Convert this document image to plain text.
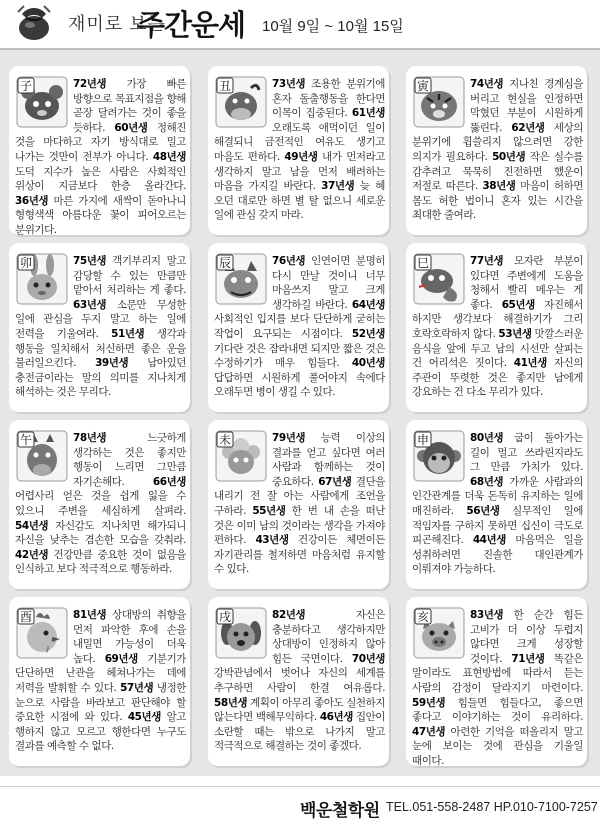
재미로 보는
주간운세 10월 9일 ~ 10월 15일
백운철학원 TEL.051-558-2487 HP.010-7100-7257
72년생 가장 빠른 방향으로 목표지점을 향해 곧장 달려가는 것이 좋을 듯하다. 60년생 정해진 것을 마다하고 자기 방식대로 밀고 나가는 것만이 전부가 아니다. 48년생 도덕 지수가 높은 사람은 사회적인 위상이 지금보다 한층 올라간다. 36년생 마른 가지에 새싹이 돋아나니 형형색색 아름다운 꽃이 피어오르는 분위기다.
子	73년생 조용한 분위기에 혼자 돌출행동을 한다면 이목이 집중된다. 61년생 오래도록 애먹이던 일이 해결되니 금전적인 여유도 생기고 마음도 편하다. 49년생 내가 먼저라고 생각하지 말고 남을 먼저 배려하는 마음을 가지길 바란다. 37년생 늦 혜 오던 대로만 하면 별 탈 없으니 세로운 일에 관심 갖지 마라.
丑	74년생 지나친 경계심을 버리고 현실을 인정하면 막혔던 부분이 시원하게 뚫린다. 62년생 세상의 분위기에 휩쓸리지 않으려면 강한 의지가 필요하다. 50년생 작은 실수를 감추려고 묵묵히 진전하면 했운이 저절로 따른다. 38년생 마음이 허하면 몸도 허한 법이니 혼자 있는 시간을 최대한 줄여라.
寅
75년생 객기부리지 말고 감당할 수 있는 만큼만 맡아서 처리하는 게 좋다. 63년생 소문만 무성한 일에 관심을 두지 말고 하는 일에 전력을 기울여라. 51년생 생각과 행동을 일치해서 처신하면 좋은 운을 불러일으킨다. 39년생 남아있던 충전금이라는 말의 의미를 지나치게 해석하는 것은 무리다.
卯	76년생 인연이면 분명히 다시 만날 것이니 너무 마음쓰지 말고 크게 생각하길 바란다. 64년생 사회적인 입지를 보다 단단하게 굳히는 작업이 요구되는 시점이다. 52년생 기다란 것은 잠라내면 되지만 짧은 것은 수정하기가 매우 힘들다. 40년생 답답하면 시원하게 풀어야지 속에다 오래두면 병이 생길 수 있다.
辰	77년생 모자란 부분이 있다면 주변에게 도움을 청해서 빨리 메우는 게 좋다. 65년생 자진해서 하지만 생각보다 해결하기가 그리 호락호락하지 않다. 53년생 맛깔스러운 음식을 앞에 두고 남의 시선만 살피는 건 어리석은 짓이다. 41년생 자신의 주관이 뚜렷한 것은 좋지만 남에게 강요하는 건 다소 무리가 있다.
巳
78년생 느긋하게 생각하는 것은 좋지만 행동이 느리면 그만큼 자기손해다. 66년생 어렵사리 얻은 것을 쉽게 잃을 수 있으니 주변을 세심하게 살펴라. 54년생 자신감도 지나치면 해가되니 자신을 낮추는 겸손한 모습을 갖춰라. 42년생 건강만큼 중요한 것이 없음을 인식하고 보다 적극적으로 행동하라.
午	79년생 능력 이상의 결과를 얻고 싶다면 여러 사람과 함께하는 것이 중요하다. 67년생 결단을 내리기 전 잘 아는 사람에게 조언을 구하라. 55년생 한 번 내 손을 떠난 것은 이미 남의 것이라는 생각을 가져야 편하다. 43년생 건강이든 체면이든 자기관리를 철저하면 마음처럼 유지할 수 있다.
未	80년생 굽이 돌아가는 길이 멀고 쓰라린지라도 그 만큼 가치가 있다. 68년생 가까운 사람과의 인간관계를 더욱 돈독히 유지하는 일에 매진하라. 56년생 실무적인 일에 적임자를 구하지 못하면 십신이 극도로 피곤해진다. 44년생 마음먹은 일을 성취하려면 진솔한 대인관계가 이뤄져야 가능하다.
申
81년생 상대방의 취향을 먼저 파악한 후에 손을 내밀면 가능성이 더욱 높다. 69년생 기분기가 단단하면 난관을 헤쳐나가는 데에 저력을 발휘할 수 있다. 57년생 냉정한 눈으로 사람을 바라보고 판단해야 할 중요한 시점에 와 있다. 45년생 알고 행하지 않고 모르고 행한다면 누구도 결과를 예측할 수 없다.
酉	82년생 자신은 충분하다고 생각하지만 상대방이 인정하지 않아 힘든 국면이다. 70년생 강박관념에서 벗어나 자신의 세계를 추구하면 사람이 한결 여유롭다. 58년생 계획이 아무리 좋아도 실천하지 않는다면 백해무익하다. 46년생 집안이 소란할 때는 밖으로 나가지 말고 적극적으로 해결하는 것이 좋겠다.
戌	83년생 한 순간 힘든 고비가 더 이상 두렵지 않다면 크게 성장할 것이다. 71년생 똑같은 말이라도 표현방법에 따라서 듣는 사람의 감정이 달라지기 마련이다. 59년생 힘들면 힘들다고, 좋으면 좋다고 이야기하는 것이 유리하다. 47년생 아련한 기억을 떠올리지 말고 눈에 보이는 것에 관심을 기울일 때이다.
亥
